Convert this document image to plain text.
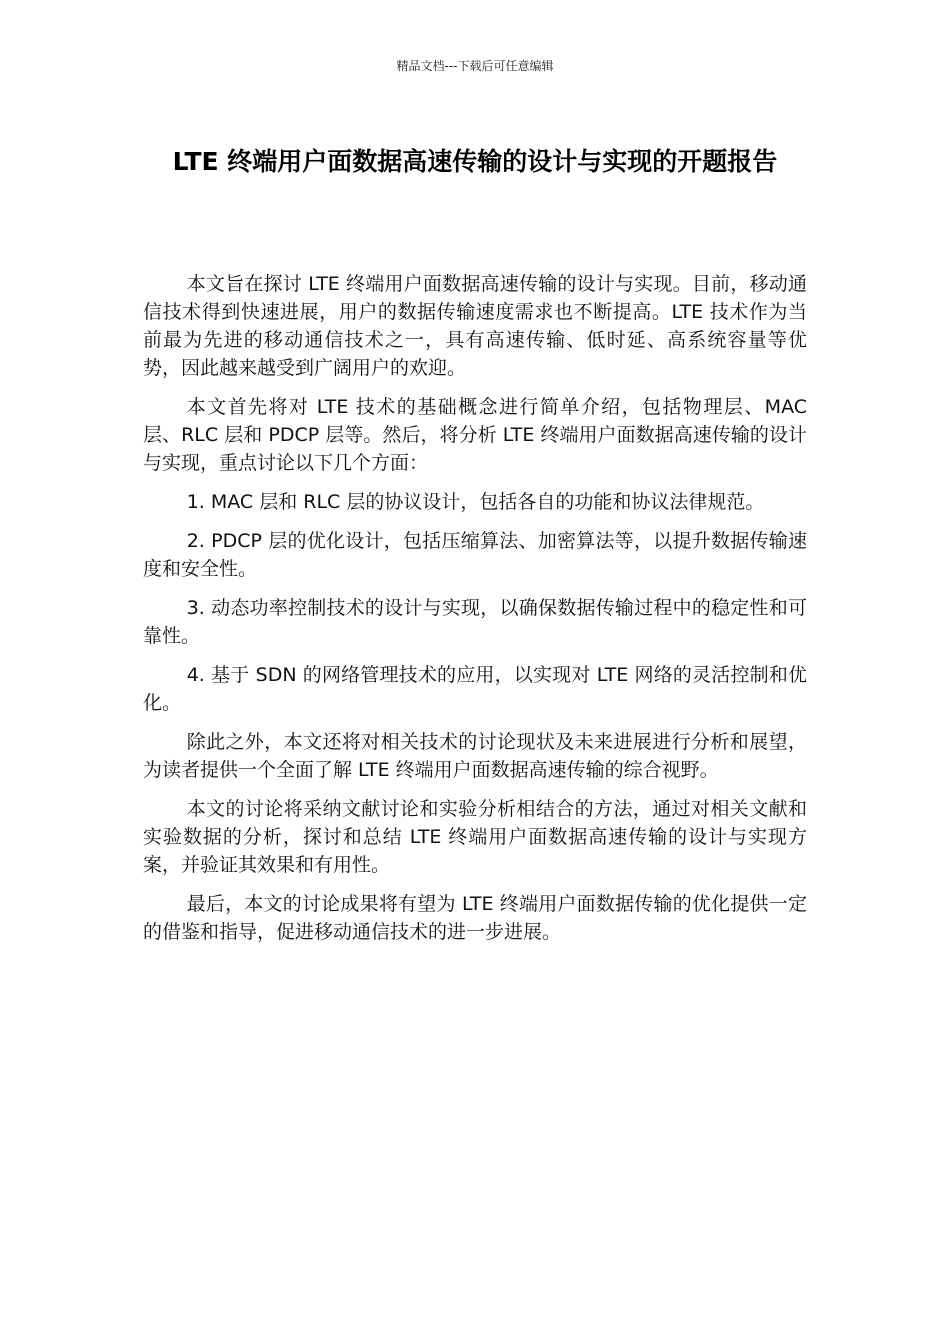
精品文档---下载后可任意编辑
LTE 终端用户面数据高速传输的设计与实现的开题报告

本文旨在探讨 LTE 终端用户面数据高速传输的设计与实现。目前，移动通信技术得到快速进展，用户的数据传输速度需求也不断提高。LTE 技术作为当前最为先进的移动通信技术之一，具有高速传输、低时延、高系统容量等优势，因此越来越受到广阔用户的欢迎。

本文首先将对 LTE 技术的基础概念进行简单介绍，包括物理层、MAC 层、RLC 层和 PDCP 层等。然后，将分析 LTE 终端用户面数据高速传输的设计与实现，重点讨论以下几个方面：

1. MAC 层和 RLC 层的协议设计，包括各自的功能和协议法律规范。

2. PDCP 层的优化设计，包括压缩算法、加密算法等，以提升数据传输速度和安全性。

3. 动态功率控制技术的设计与实现，以确保数据传输过程中的稳定性和可靠性。

4. 基于 SDN 的网络管理技术的应用，以实现对 LTE 网络的灵活控制和优化。

除此之外，本文还将对相关技术的讨论现状及未来进展进行分析和展望，为读者提供一个全面了解 LTE 终端用户面数据高速传输的综合视野。

本文的讨论将采纳文献讨论和实验分析相结合的方法，通过对相关文献和实验数据的分析，探讨和总结 LTE 终端用户面数据高速传输的设计与实现方案，并验证其效果和有用性。

最后，本文的讨论成果将有望为 LTE 终端用户面数据传输的优化提供一定的借鉴和指导，促进移动通信技术的进一步进展。
